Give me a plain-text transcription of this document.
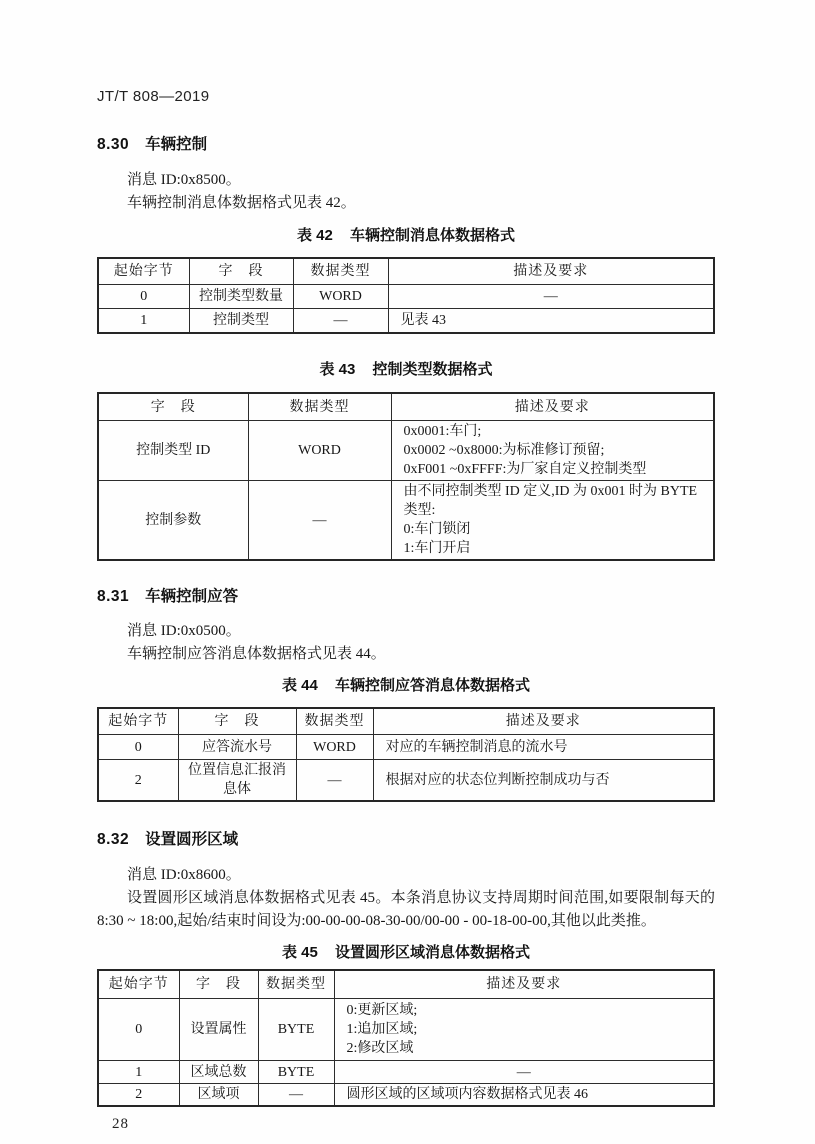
JT/T 808—2019
8.30 车辆控制

消息 ID:0x8500。

车辆控制消息体数据格式见表 42。

表 42 车辆控制消息体数据格式
起始字节	字　段	数据类型	描述及要求
0	控制类型数量	WORD	—
1	控制类型	—	见表 43
表 43 控制类型数据格式
字　段	数据类型	描述及要求
控制类型 ID	WORD	0x0001:车门;
0x0002 ~0x8000:为标准修订预留;
0xF001 ~0xFFFF:为厂家自定义控制类型

控制参数	—	由不同控制类型 ID 定义,ID 为 0x001 时为 BYTE 类型:
0:车门锁闭
1:车门开启
8.31 车辆控制应答

消息 ID:0x0500。

车辆控制应答消息体数据格式见表 44。

表 44 车辆控制应答消息体数据格式
起始字节	字　段	数据类型	描述及要求
0	应答流水号	WORD	对应的车辆控制消息的流水号
2	位置信息汇报消息体	—	根据对应的状态位判断控制成功与否
8.32 设置圆形区域

消息 ID:0x8600。

设置圆形区域消息体数据格式见表 45。本条消息协议支持周期时间范围,如要限制每天的 8:30 ~ 18:00,起始/结束时间设为:00-00-00-08-30-00/00-00 - 00-18-00-00,其他以此类推。

表 45 设置圆形区域消息体数据格式
起始字节	字　段	数据类型	描述及要求
0	设置属性	BYTE	0:更新区域;
1:追加区域;
2:修改区域

1	区域总数	BYTE	—
2	区域项	—	圆形区域的区域项内容数据格式见表 46
28
